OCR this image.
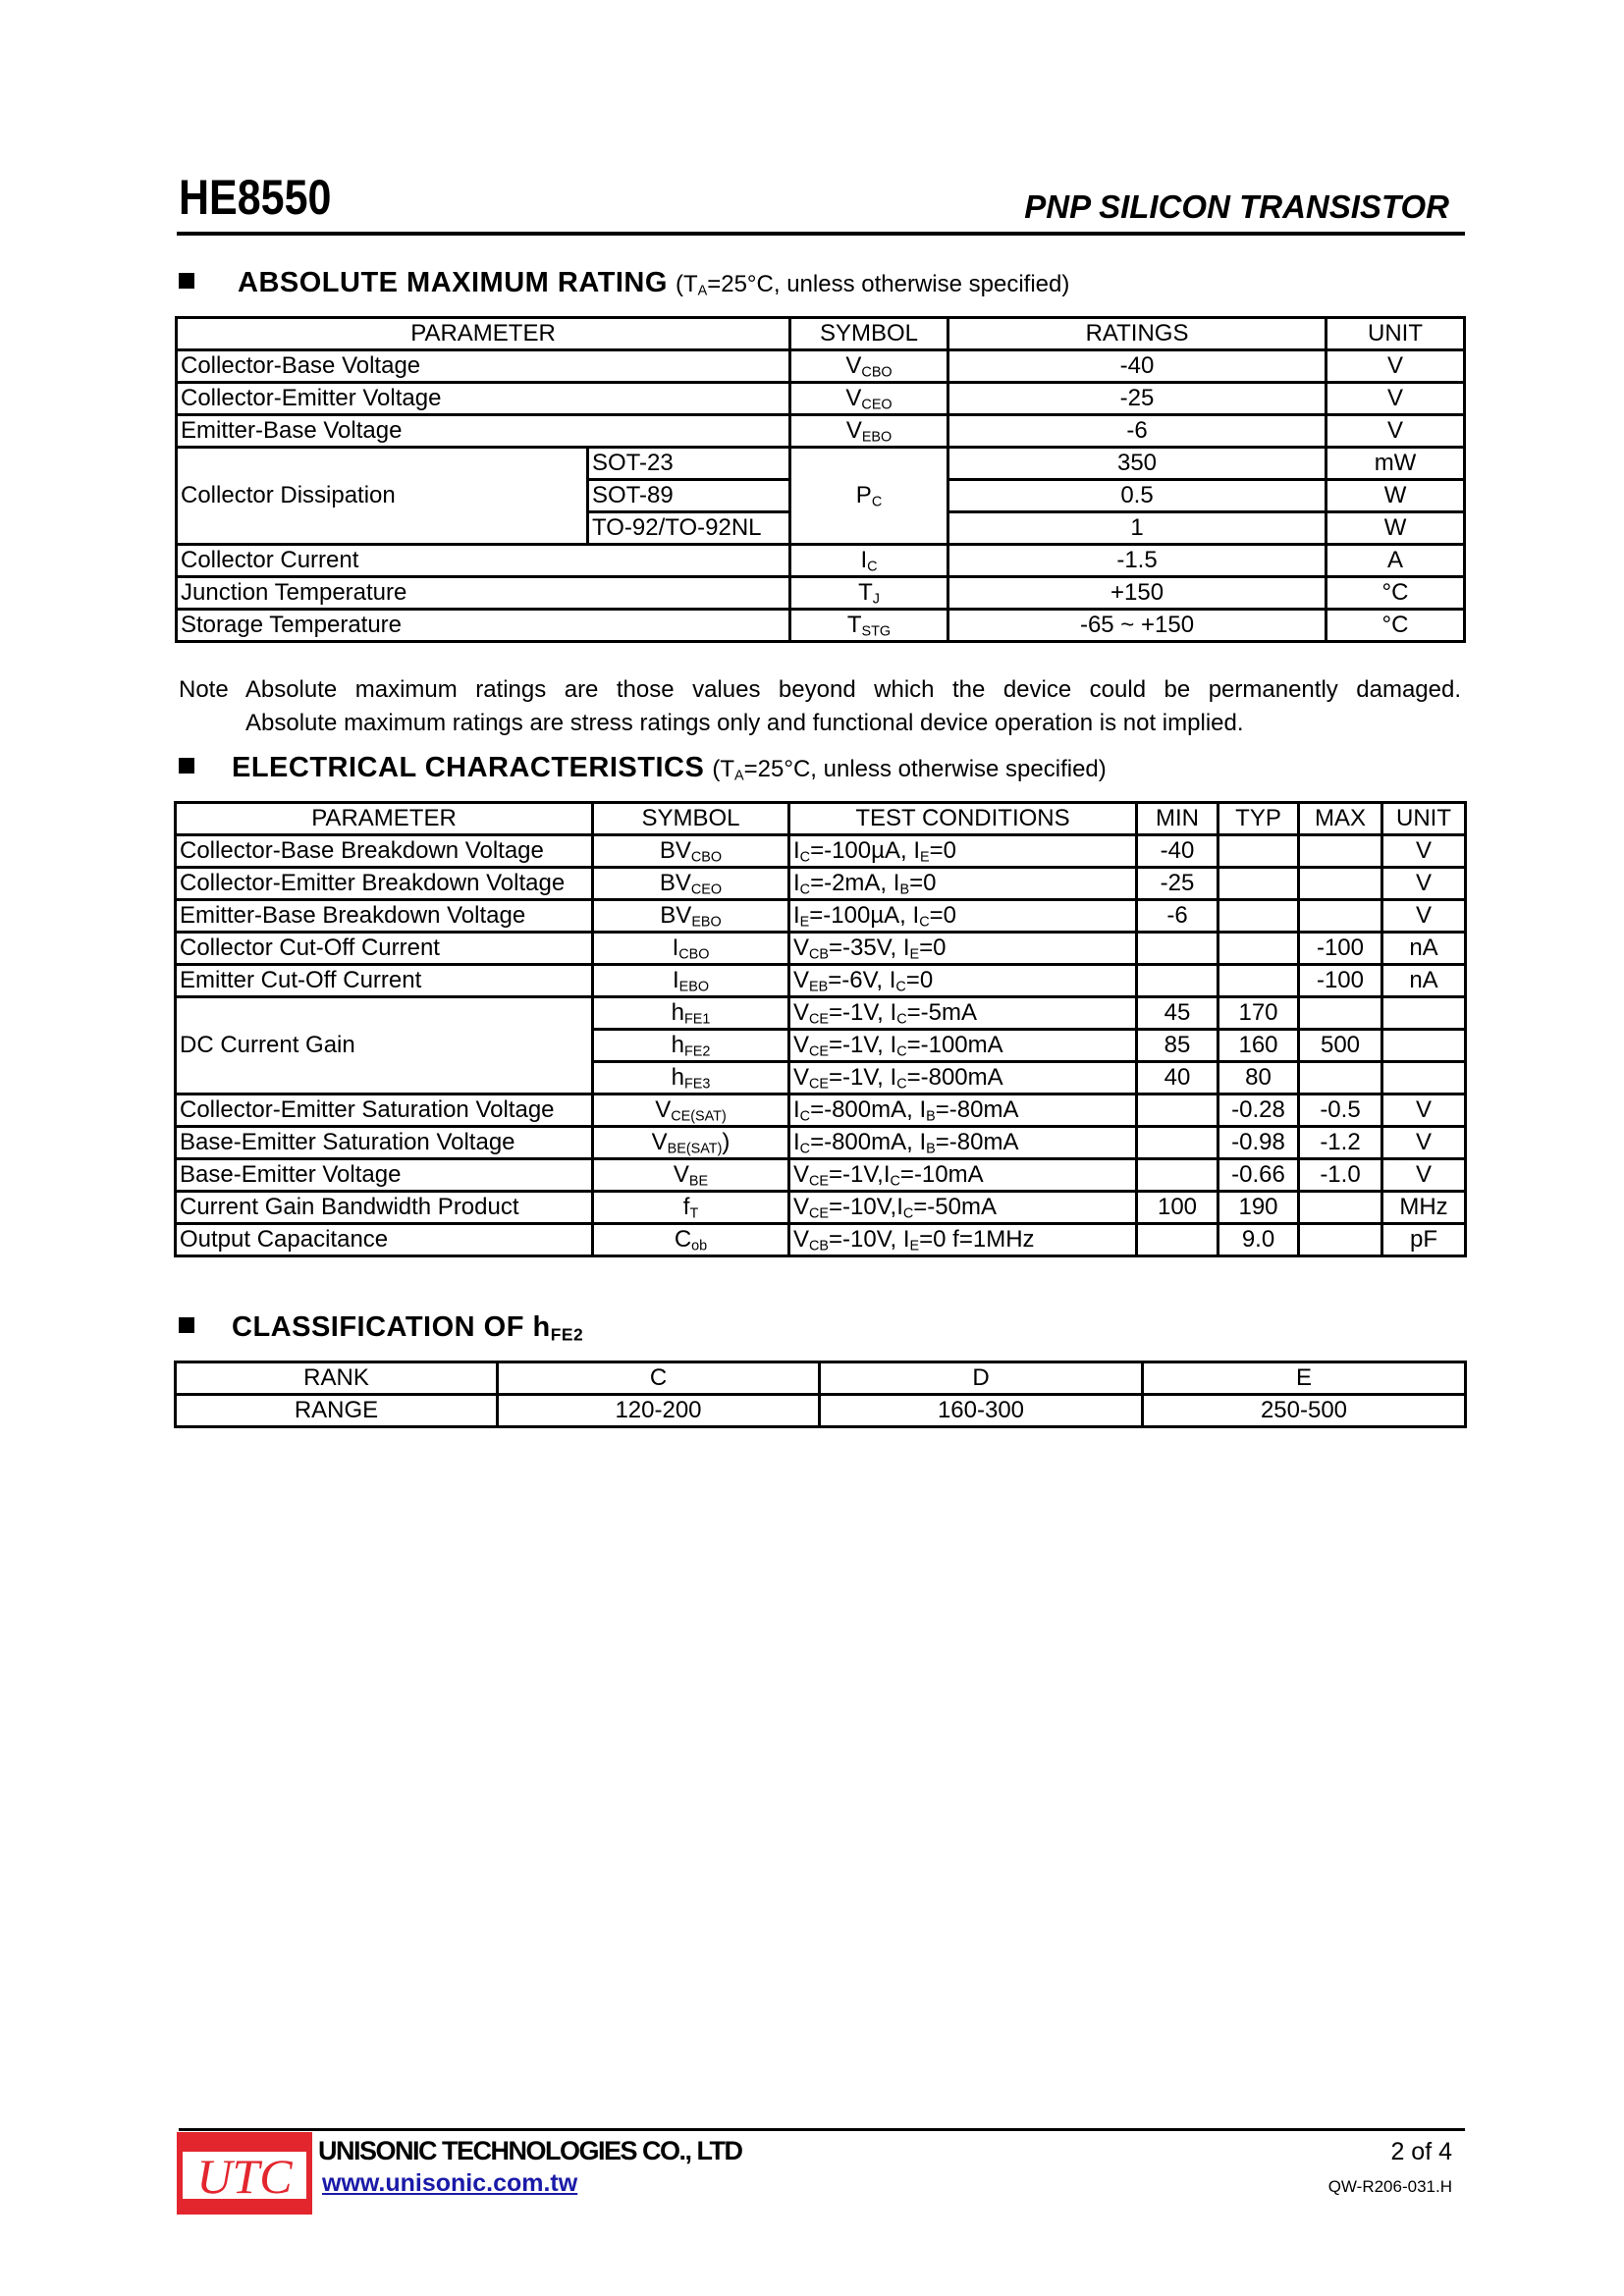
HE8550	PNP SILICON TRANSISTOR
ABSOLUTE MAXIMUM RATING ($T_A=25^\circ C$, unless otherwise specified)
PARAMETER		SYMBOL	RATINGS	UNIT
Collector-Base Voltage		$V_{CBO}$	-40	V
Collector-Emitter Voltage		$V_{CEO}$	-25	V
Emitter-Base Voltage		$V_{EBO}$	-6	V
Collector Dissipation	SOT-23	$P_C$	350	mW
	SOT-89		0.5	W
	TO-92/TO-92NL		1	W
Collector Current		$I_C$	-1.5	A
Junction Temperature		$T_J$	+150	°C
Storage Temperature		$T_{STG}$	-65 ~ +150	°C
Note Absolute maximum ratings are those values beyond which the device could be permanently damaged.
Absolute maximum ratings are stress ratings only and functional device operation is not implied.
ELECTRICAL CHARACTERISTICS ($T_A=25^\circ C$, unless otherwise specified)
PARAMETER	SYMBOL	TEST CONDITIONS	MIN	TYP	MAX	UNIT
Collector-Base Breakdown Voltage	$BV_{CBO}$	$I_C=-100\mu A$, $I_E=0$	-40			V
Collector-Emitter Breakdown Voltage	$BV_{CEO}$	$I_C=-2mA$, $I_B=0$	-25			V
Emitter-Base Breakdown Voltage	$BV_{EBO}$	$I_E=-100\mu A$, $I_C=0$	-6			V
Collector Cut-Off Current	$I_{CBO}$	$V_{CB}=-35V$, $I_E=0$			-100	nA
Emitter Cut-Off Current	$I_{EBO}$	$V_{EB}=-6V$, $I_C=0$			-100	nA
DC Current Gain	$h_{FE1}$	$V_{CE}=-1V$, $I_C=-5mA$	45	170		
	$h_{FE2}$	$V_{CE}=-1V$, $I_C=-100mA$	85	160	500	
	$h_{FE3}$	$V_{CE}=-1V$, $I_C=-800mA$	40	80		
Collector-Emitter Saturation Voltage	$V_{CE(SAT)}$	$I_C=-800mA$, $I_B=-80mA$		-0.28	-0.5	V
Base-Emitter Saturation Voltage	$V_{BE(SAT)}$)	$I_C=-800mA$, $I_B=-80mA$		-0.98	-1.2	V
Base-Emitter Voltage	$V_{BE}$	$V_{CE}=-1V,I_C=-10mA$		-0.66	-1.0	V
Current Gain Bandwidth Product	$f_T$	$V_{CE}=-10V,I_C=-50mA$	100	190		MHz
Output Capacitance	$C_{ob}$	$V_{CB}=-10V$, $I_E=0$ f=1MHz		9.0		pF
CLASSIFICATION OF $h_{FE2}$
RANK	C	D	E
RANGE	120-200	160-300	250-500
UTC UNISONIC TECHNOLOGIES CO., LTD
www.unisonic.com.tw
2 of 4
QW-R206-031.H
